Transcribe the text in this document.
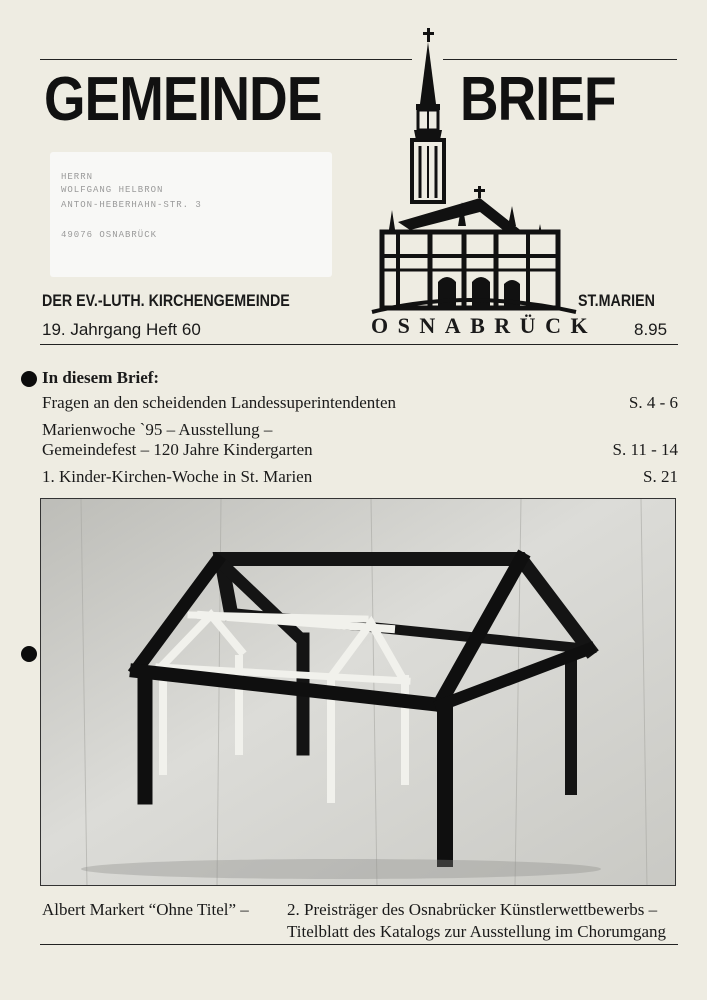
GEMEINDE BRIEF
HERRN
WOLFGANG HELBRON
ANTON-HEBERHAHN-STR. 3
49076 OSNABRÜCK
DER EV.-LUTH. KIRCHENGEMEINDE	ST.MARIEN
19. Jahrgang Heft 60	OSNABRÜCK 8.95
In diesem Brief:
Fragen an den scheidenden Landessuperintendenten	S. 4 - 6
Marienwoche `95 – Ausstellung –
Gemeindefest – 120 Jahre Kindergarten	S. 11 - 14
1. Kinder-Kirchen-Woche in St. Marien	S. 21
Albert Markert “Ohne Titel” – 2. Preisträger des Osnabrücker Künstlerwettbewerbs –
Titelblatt des Katalogs zur Ausstellung im Chorumgang
